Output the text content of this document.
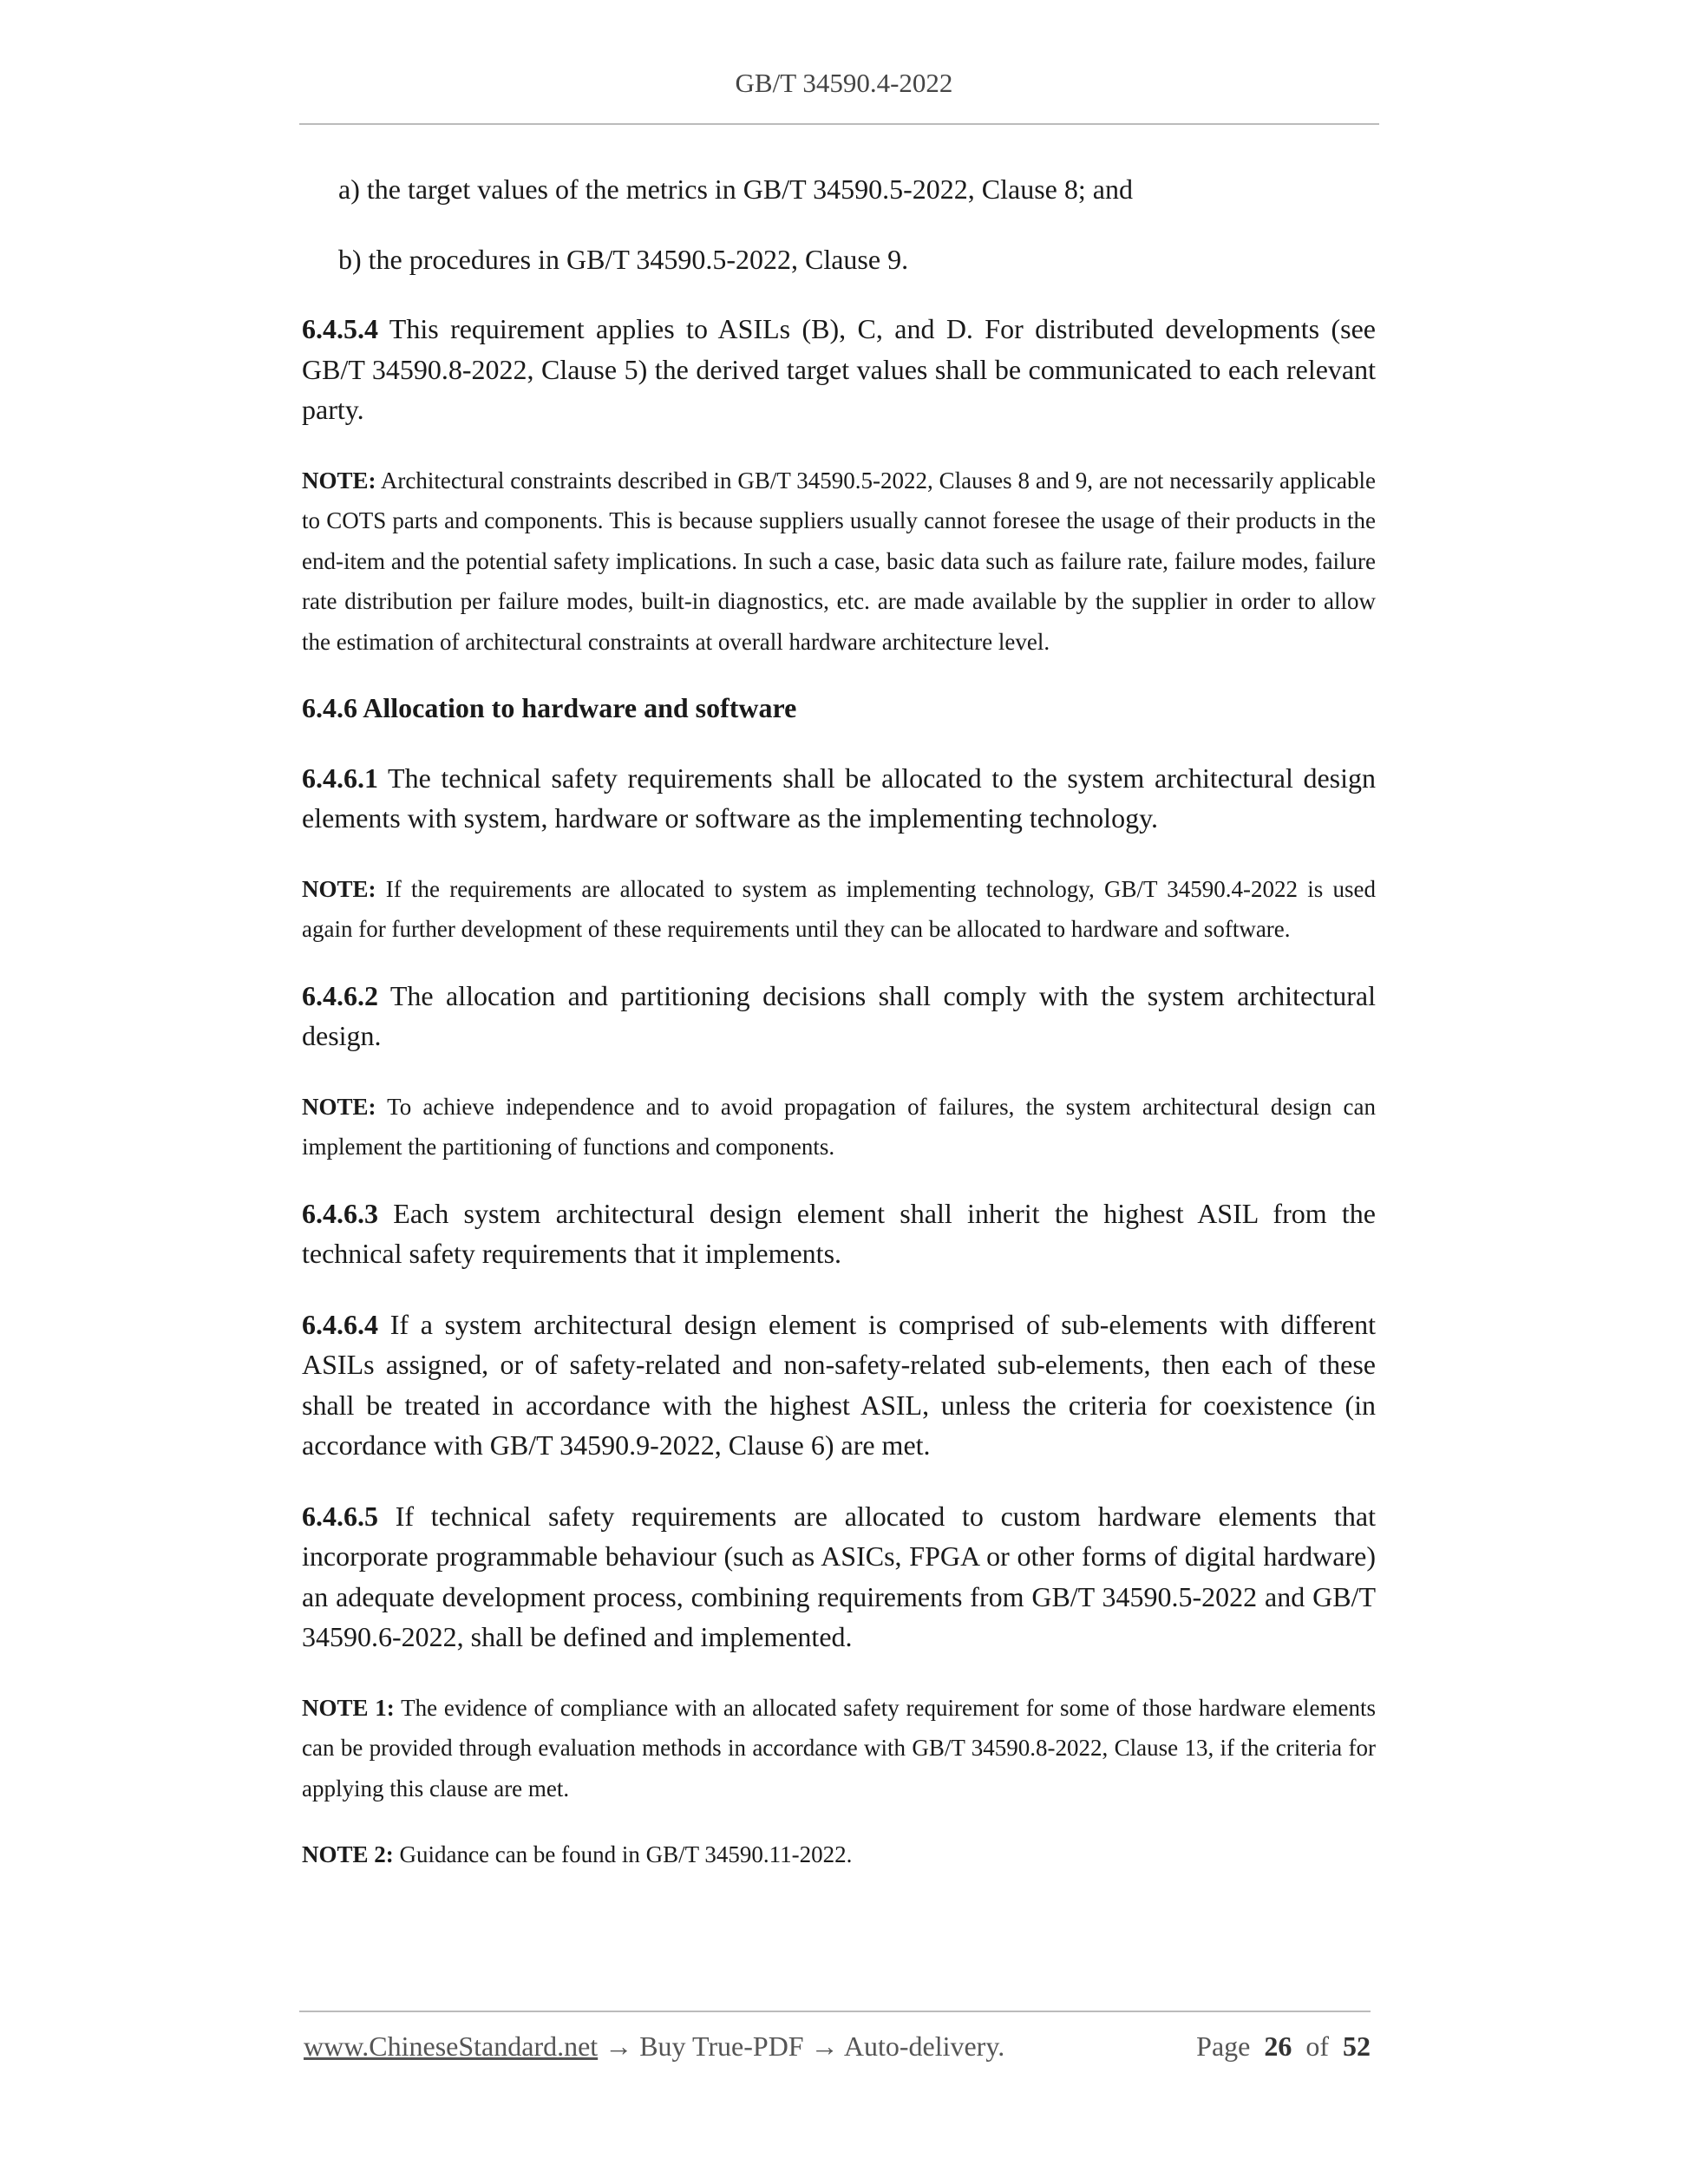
GB/T 34590.4-2022

a) the target values of the metrics in GB/T 34590.5-2022, Clause 8; and

b) the procedures in GB/T 34590.5-2022, Clause 9.

6.4.5.4 This requirement applies to ASILs (B), C, and D. For distributed developments (see GB/T 34590.8-2022, Clause 5) the derived target values shall be communicated to each relevant party.

NOTE: Architectural constraints described in GB/T 34590.5-2022, Clauses 8 and 9, are not necessarily applicable to COTS parts and components. This is because suppliers usually cannot foresee the usage of their products in the end-item and the potential safety implications. In such a case, basic data such as failure rate, failure modes, failure rate distribution per failure modes, built-in diagnostics, etc. are made available by the supplier in order to allow the estimation of architectural constraints at overall hardware architecture level.

6.4.6 Allocation to hardware and software

6.4.6.1 The technical safety requirements shall be allocated to the system architectural design elements with system, hardware or software as the implementing technology.

NOTE: If the requirements are allocated to system as implementing technology, GB/T 34590.4-2022 is used again for further development of these requirements until they can be allocated to hardware and software.

6.4.6.2 The allocation and partitioning decisions shall comply with the system architectural design.

NOTE: To achieve independence and to avoid propagation of failures, the system architectural design can implement the partitioning of functions and components.

6.4.6.3 Each system architectural design element shall inherit the highest ASIL from the technical safety requirements that it implements.

6.4.6.4 If a system architectural design element is comprised of sub-elements with different ASILs assigned, or of safety-related and non-safety-related sub-elements, then each of these shall be treated in accordance with the highest ASIL, unless the criteria for coexistence (in accordance with GB/T 34590.9-2022, Clause 6) are met.

6.4.6.5 If technical safety requirements are allocated to custom hardware elements that incorporate programmable behaviour (such as ASICs, FPGA or other forms of digital hardware) an adequate development process, combining requirements from GB/T 34590.5-2022 and GB/T 34590.6-2022, shall be defined and implemented.

NOTE 1: The evidence of compliance with an allocated safety requirement for some of those hardware elements can be provided through evaluation methods in accordance with GB/T 34590.8-2022, Clause 13, if the criteria for applying this clause are met.

NOTE 2: Guidance can be found in GB/T 34590.11-2022.

www.ChineseStandard.net → Buy True-PDF → Auto-delivery.	Page 26 of 52
